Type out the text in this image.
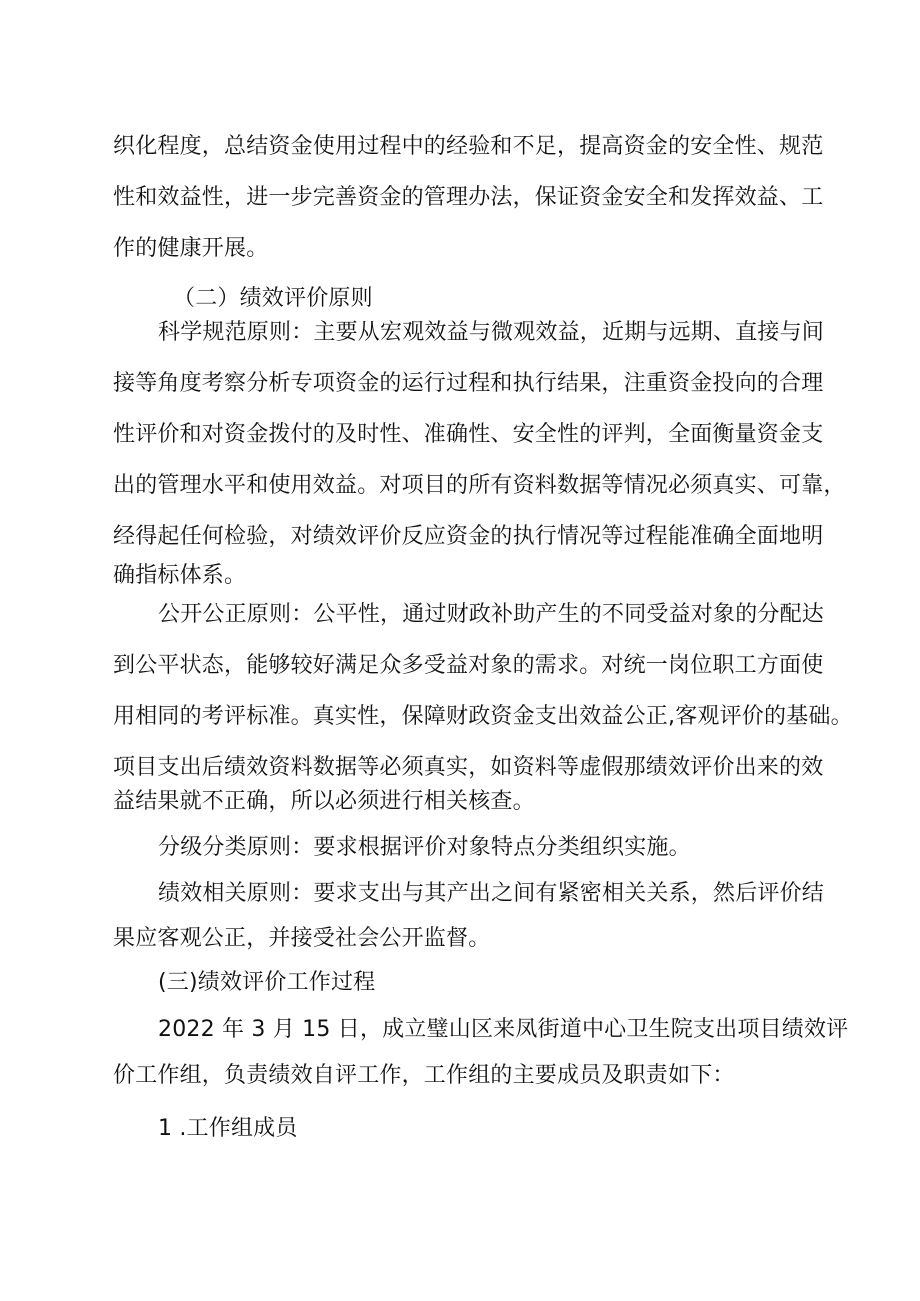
织化程度，总结资金使用过程中的经验和不足，提高资金的安全性、规范
性和效益性，进一步完善资金的管理办法，保证资金安全和发挥效益、工
作的健康开展。
（二）绩效评价原则
科学规范原则：主要从宏观效益与微观效益，近期与远期、直接与间
接等角度考察分析专项资金的运行过程和执行结果，注重资金投向的合理
性评价和对资金拨付的及时性、准确性、安全性的评判，全面衡量资金支
出的管理水平和使用效益。对项目的所有资料数据等情况必须真实、可靠，
经得起任何检验，对绩效评价反应资金的执行情况等过程能准确全面地明
确指标体系。
公开公正原则：公平性，通过财政补助产生的不同受益对象的分配达
到公平状态，能够较好满足众多受益对象的需求。对统一岗位职工方面使
用相同的考评标准。真实性，保障财政资金支出效益公正,客观评价的基础。
项目支出后绩效资料数据等必须真实，如资料等虚假那绩效评价出来的效
益结果就不正确，所以必须进行相关核查。
分级分类原则：要求根据评价对象特点分类组织实施。
绩效相关原则：要求支出与其产出之间有紧密相关关系，然后评价结
果应客观公正，并接受社会公开监督。
(三)绩效评价工作过程
2022 年 3 月 15 日，成立璧山区来凤街道中心卫生院支出项目绩效评
价工作组，负责绩效自评工作，工作组的主要成员及职责如下：
1 .工作组成员
